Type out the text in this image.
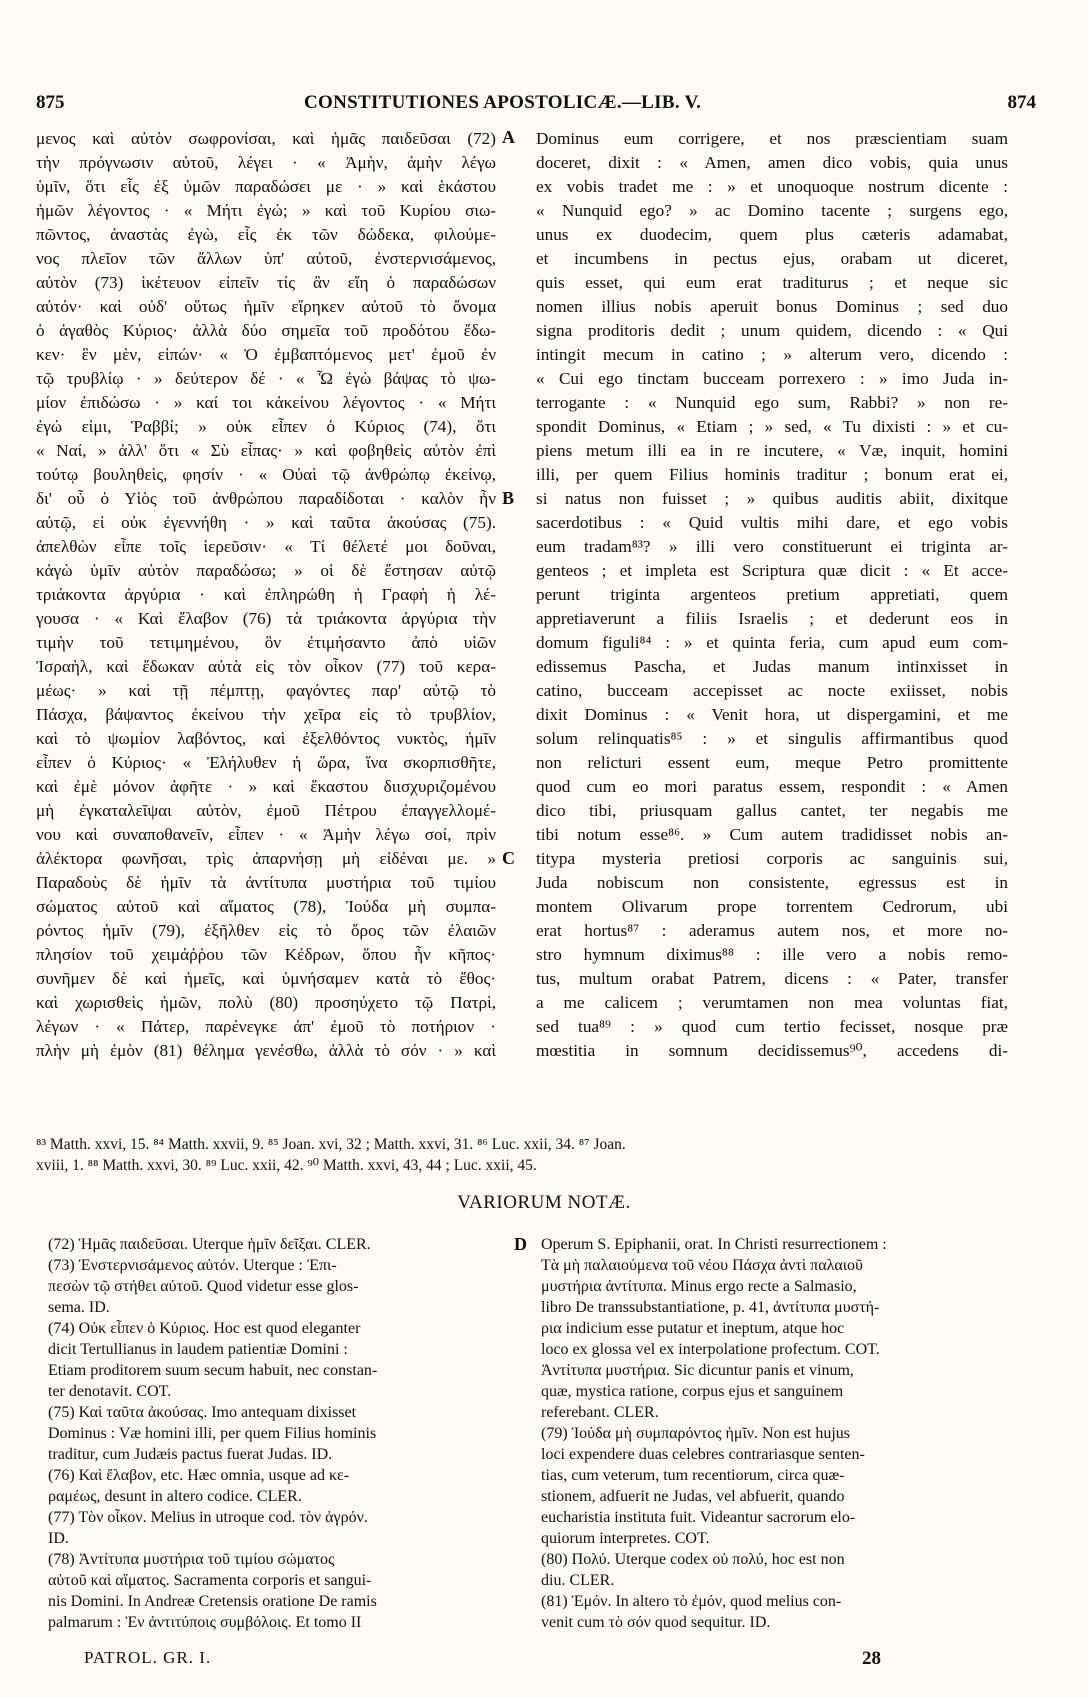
875	CONSTITUTIONES APOSTOLICÆ.—LIB. V.	874
μενος καὶ αὐτὸν σωφρονίσαι, καὶ ἡμᾶς παιδεῦσαι (72)
τὴν πρόγνωσιν αὐτοῦ, λέγει · « Ἀμὴν, ἀμὴν λέγω
ὑμῖν, ὅτι εἷς ἐξ ὑμῶν παραδώσει με · » καὶ ἑκάστου
ἡμῶν λέγοντος · « Μήτι ἐγώ; » καὶ τοῦ Κυρίου σιω-
πῶντος, ἀναστὰς ἐγὼ, εἷς ἐκ τῶν δώδεκα, φιλούμε-
νος πλεῖον τῶν ἄλλων ὑπ' αὐτοῦ, ἐνστερνισάμενος,
αὐτὸν (73) ἱκέτευον εἰπεῖν τίς ἂν εἴη ὁ παραδώσων
αὐτόν· καὶ οὐδ' οὕτως ἡμῖν εἴρηκεν αὐτοῦ τὸ ὄνομα
ὁ ἀγαθὸς Κύριος· ἀλλὰ δύο σημεῖα τοῦ προδότου ἔδω-
κεν· ἓν μὲν, εἰπών· « Ὁ ἐμβαπτόμενος μετ' ἐμοῦ ἐν
τῷ τρυβλίῳ · » δεύτερον δέ · « Ὧ ἐγὼ βάψας τὸ ψω-
μίον ἐπιδώσω · » καί τοι κἀκείνου λέγοντος · « Μήτι
ἐγώ εἰμι, Ῥαββί; » οὐκ εἶπεν ὁ Κύριος (74), ὅτι
« Ναί, » ἀλλ' ὅτι « Σὺ εἶπας· » καὶ φοβηθεὶς αὐτὸν ἐπὶ
τούτῳ βουληθεὶς, φησίν · « Οὐαὶ τῷ ἀνθρώπῳ ἐκείνῳ,
δι' οὗ ὁ Υἱὸς τοῦ ἀνθρώπου παραδίδοται · καλὸν ἦν
αὐτῷ, εἰ οὐκ ἐγεννήθη · » καὶ ταῦτα ἀκούσας (75).
ἀπελθὼν εἶπε τοῖς ἱερεῦσιν· « Τί θέλετέ μοι δοῦναι,
κἀγὼ ὑμῖν αὐτὸν παραδώσω; » οἱ δὲ ἔστησαν αὐτῷ
τριάκοντα ἀργύρια · καὶ ἐπληρώθη ἡ Γραφὴ ἡ λέ-
γουσα · « Καὶ ἔλαβον (76) τὰ τριάκοντα ἀργύρια τὴν
τιμὴν τοῦ τετιμημένου, ὃν ἐτιμήσαντο ἀπὸ υἱῶν
Ἰσραὴλ, καὶ ἔδωκαν αὐτὰ εἰς τὸν οἶκον (77) τοῦ κερα-
μέως· » καὶ τῇ πέμπτῃ, φαγόντες παρ' αὐτῷ τὸ
Πάσχα, βάψαντος ἐκείνου τὴν χεῖρα εἰς τὸ τρυβλίον,
καὶ τὸ ψωμίον λαβόντος, καὶ ἐξελθόντος νυκτὸς, ἡμῖν
εἶπεν ὁ Κύριος· « Ἐλήλυθεν ἡ ὥρα, ἵνα σκορπισθῆτε,
καὶ ἐμὲ μόνον ἀφῆτε · » καὶ ἕκαστου διισχυριζομένου
μὴ ἐγκαταλεῖψαι αὐτὸν, ἐμοῦ Πέτρου ἐπαγγελλομέ-
νου καὶ συναποθανεῖν, εἶπεν · « Ἀμὴν λέγω σοί, πρὶν
ἀλέκτορα φωνῆσαι, τρὶς ἀπαρνήσῃ μὴ εἰδέναι με. »
Παραδοὺς δὲ ἡμῖν τὰ ἀντίτυπα μυστήρια τοῦ τιμίου
σώματος αὐτοῦ καὶ αἵματος (78), Ἰούδα μὴ συμπα-
ρόντος ἡμῖν (79), ἐξῆλθεν εἰς τὸ ὄρος τῶν ἐλαιῶν
πλησίον τοῦ χειμάῤῥου τῶν Κέδρων, ὅπου ἦν κῆπος·
συνῆμεν δὲ καὶ ἡμεῖς, καὶ ὑμνήσαμεν κατὰ τὸ ἔθος·
καὶ χωρισθεὶς ἡμῶν, πολὺ (80) προσηύχετο τῷ Πατρὶ,
λέγων · « Πάτερ, παρένεγκε ἀπ' ἐμοῦ τὸ ποτήριον ·
πλὴν μὴ ἐμὸν (81) θέλημα γενέσθω, ἀλλὰ τὸ σόν · » καὶ
Dominus eum corrigere, et nos præscientiam suam
doceret, dixit : « Amen, amen dico vobis, quia unus
ex vobis tradet me : » et unoquoque nostrum dicente :
« Nunquid ego? » ac Domino tacente ; surgens ego,
unus ex duodecim, quem plus cæteris adamabat,
et incumbens in pectus ejus, orabam ut diceret,
quis esset, qui eum erat traditurus ; et neque sic
nomen illius nobis aperuit bonus Dominus ; sed duo
signa proditoris dedit ; unum quidem, dicendo : « Qui
intingit mecum in catino ; » alterum vero, dicendo :
« Cui ego tinctam bucceam porrexero : » imo Juda in-
terrogante : « Nunquid ego sum, Rabbi? » non re-
spondit Dominus, « Etiam ; » sed, « Tu dixisti : » et cu-
piens metum illi ea in re incutere, « Væ, inquit, homini
illi, per quem Filius hominis traditur ; bonum erat ei,
si natus non fuisset ; » quibus auditis abiit, dixitque
sacerdotibus : « Quid vultis mihi dare, et ego vobis
eum tradam⁸³? » illi vero constituerunt ei triginta ar-
genteos ; et impleta est Scriptura quæ dicit : « Et acce-
perunt triginta argenteos pretium appretiati, quem
appretiaverunt a filiis Israelis ; et dederunt eos in
domum figuli⁸⁴ : » et quinta feria, cum apud eum com-
edissemus Pascha, et Judas manum intinxisset in
catino, bucceam accepisset ac nocte exiisset, nobis
dixit Dominus : « Venit hora, ut dispergamini, et me
solum relinquatis⁸⁵ : » et singulis affirmantibus quod
non relicturi essent eum, meque Petro promittente
quod cum eo mori paratus essem, respondit : « Amen
dico tibi, priusquam gallus cantet, ter negabis me
tibi notum esse⁸⁶. » Cum autem tradidisset nobis an-
titypa mysteria pretiosi corporis ac sanguinis sui,
Juda nobiscum non consistente, egressus est in
montem Olivarum prope torrentem Cedrorum, ubi
erat hortus⁸⁷ : aderamus autem nos, et more no-
stro hymnum diximus⁸⁸ : ille vero a nobis remo-
tus, multum orabat Patrem, dicens : « Pater, transfer
a me calicem ; verumtamen non mea voluntas fiat,
sed tua⁸⁹ : » quod cum tertio fecisset, nosque præ
mœstitia in somnum decidissemus⁹⁰, accedens di-
A
B
C
D
⁸³ Matth. xxvi, 15. ⁸⁴ Matth. xxvii, 9. ⁸⁵ Joan. xvi, 32 ; Matth. xxvi, 31. ⁸⁶ Luc. xxii, 34. ⁸⁷ Joan.
xviii, 1. ⁸⁸ Matth. xxvi, 30. ⁸⁹ Luc. xxii, 42. ⁹⁰ Matth. xxvi, 43, 44 ; Luc. xxii, 45.
VARIORUM NOTÆ.
(72) Ἡμᾶς παιδεῦσαι. Uterque ἡμῖν δεῖξαι. CLER.
(73) Ἐνστερνισάμενος αὐτόν. Uterque : Ἐπι-
πεσὼν τῷ στήθει αὐτοῦ. Quod videtur esse glos-
sema. ID.
(74) Οὐκ εἶπεν ὁ Κύριος. Hoc est quod eleganter
dicit Tertullianus in laudem patientiæ Domini :
Etiam proditorem suum secum habuit, nec constan-
ter denotavit. COT.
(75) Καὶ ταῦτα ἀκούσας. Imo antequam dixisset
Dominus : Væ homini illi, per quem Filius hominis
traditur, cum Judæis pactus fuerat Judas. ID.
(76) Καὶ ἔλαβον, etc. Hæc omnia, usque ad κε-
ραμέως, desunt in altero codice. CLER.
(77) Τὸν οἶκον. Melius in utroque cod. τὸν ἀγρόν.
ID.
(78) Ἀντίτυπα μυστήρια τοῦ τιμίου σώματος
αὐτοῦ καὶ αἵματος. Sacramenta corporis et sangui-
nis Domini. In Andreæ Cretensis oratione De ramis
palmarum : Ἐν ἀντιτύποις συμβόλοις. Et tomo II
Operum S. Epiphanii, orat. In Christi resurrectionem :
Τὰ μὴ παλαιούμενα τοῦ νέου Πάσχα ἀντὶ παλαιοῦ
μυστήρια ἀντίτυπα. Minus ergo recte a Salmasio,
libro De transsubstantiatione, p. 41, ἀντίτυπα μυστή-
ρια indicium esse putatur et ineptum, atque hoc
loco ex glossa vel ex interpolatione profectum. COT.
Ἀντίτυπα μυστήρια. Sic dicuntur panis et vinum,
quæ, mystica ratione, corpus ejus et sanguinem
referebant. CLER.
(79) Ἰούδα μὴ συμπαρόντος ἡμῖν. Non est hujus
loci expendere duas celebres contrariasque senten-
tias, cum veterum, tum recentiorum, circa quæ-
stionem, adfuerit ne Judas, vel abfuerit, quando
eucharistia instituta fuit. Videantur sacrorum elo-
quiorum interpretes. COT.
(80) Πολύ. Uterque codex οὐ πολύ, hoc est non
diu. CLER.
(81) Ἐμόν. In altero τὸ ἐμόν, quod melius con-
venit cum τὸ σόν quod sequitur. ID.
PATROL. GR. I.	28
